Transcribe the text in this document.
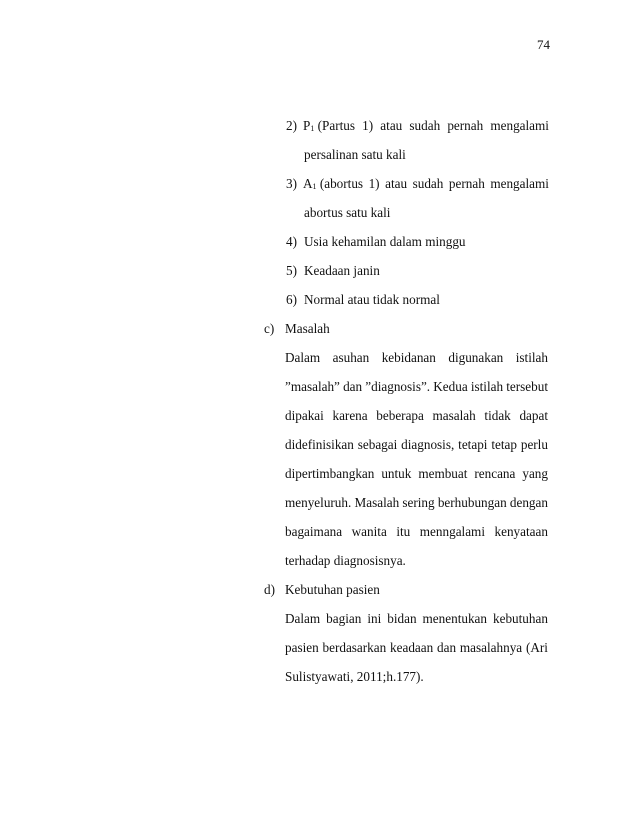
74
2) P1 (Partus 1) atau sudah pernah mengalami
persalinan satu kali
3) A1 (abortus 1) atau sudah pernah mengalami
abortus satu kali
4) Usia kehamilan dalam minggu
5) Keadaan janin
6) Normal atau tidak normal
c) Masalah
Dalam asuhan kebidanan digunakan istilah
”masalah” dan ”diagnosis”. Kedua istilah tersebut
dipakai karena beberapa masalah tidak dapat
didefinisikan sebagai diagnosis, tetapi tetap perlu
dipertimbangkan untuk membuat rencana yang
menyeluruh. Masalah sering berhubungan dengan
bagaimana wanita itu menngalami kenyataan
terhadap diagnosisnya.
d) Kebutuhan pasien
Dalam bagian ini bidan menentukan kebutuhan
pasien berdasarkan keadaan dan masalahnya (Ari
Sulistyawati, 2011;h.177).
